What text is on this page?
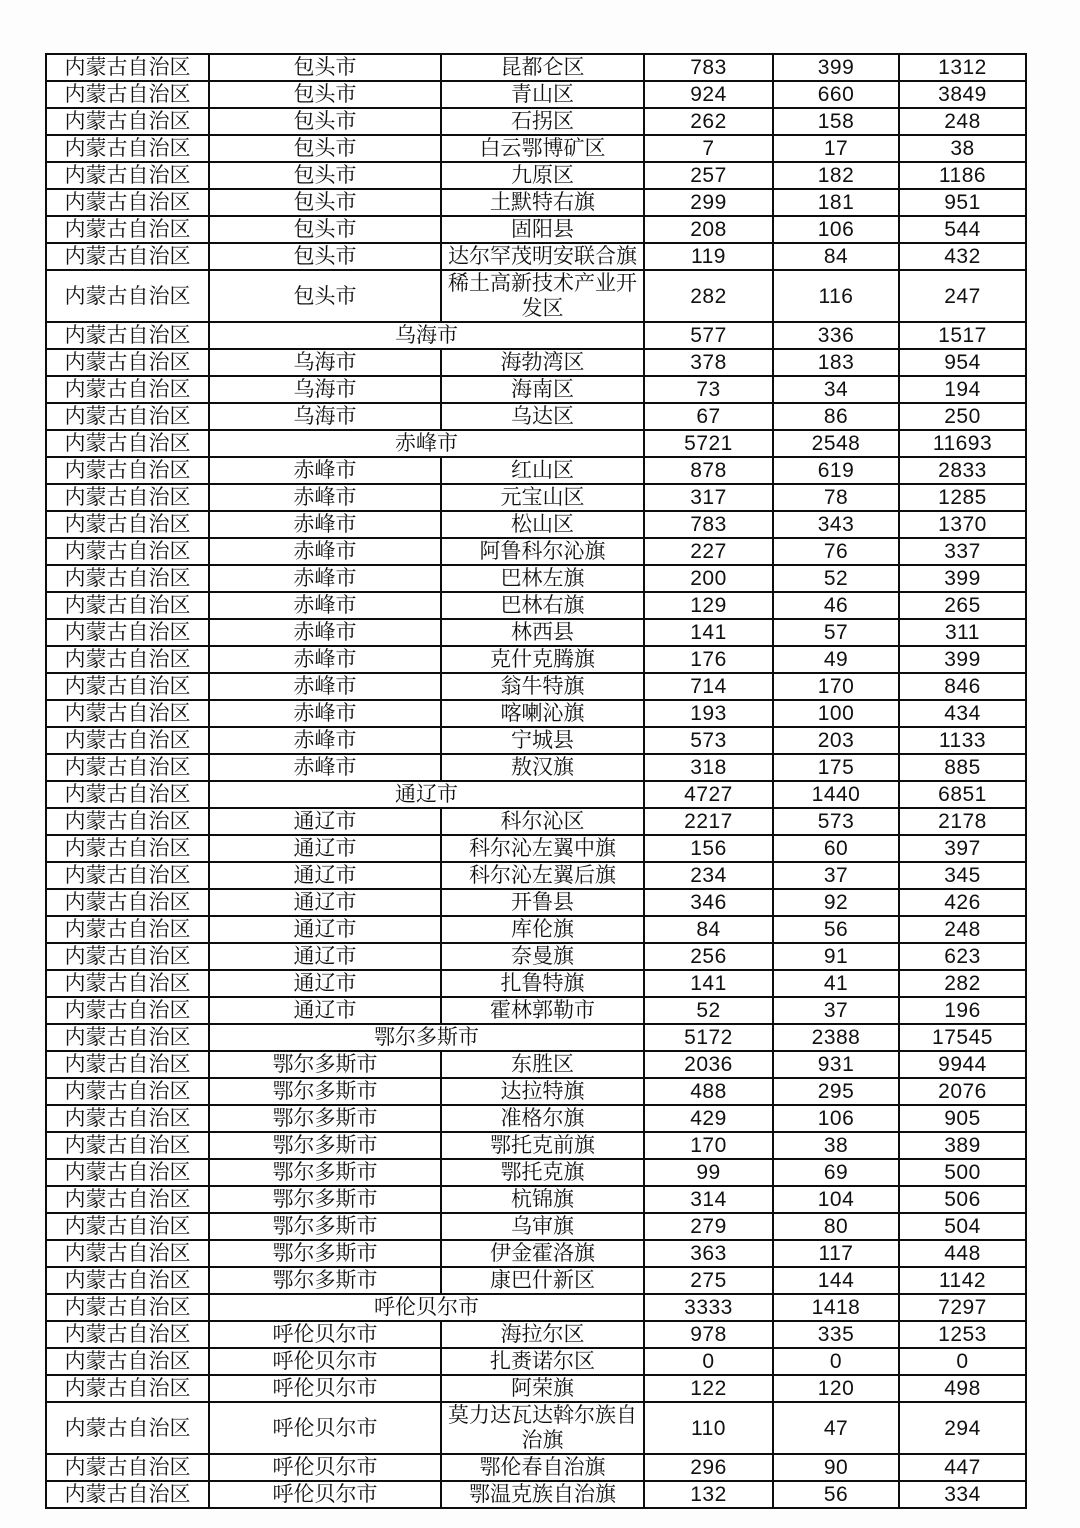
内蒙古自治区	包头市	昆都仑区	783	399	1312
内蒙古自治区	包头市	青山区	924	660	3849
内蒙古自治区	包头市	石拐区	262	158	248
内蒙古自治区	包头市	白云鄂博矿区	7	17	38
内蒙古自治区	包头市	九原区	257	182	1186
内蒙古自治区	包头市	土默特右旗	299	181	951
内蒙古自治区	包头市	固阳县	208	106	544
内蒙古自治区	包头市	达尔罕茂明安联合旗	119	84	432
内蒙古自治区	包头市	稀土高新技术产业开发区	282	116	247
内蒙古自治区	乌海市		577	336	1517
内蒙古自治区	乌海市	海勃湾区	378	183	954
内蒙古自治区	乌海市	海南区	73	34	194
内蒙古自治区	乌海市	乌达区	67	86	250
内蒙古自治区	赤峰市		5721	2548	11693
内蒙古自治区	赤峰市	红山区	878	619	2833
内蒙古自治区	赤峰市	元宝山区	317	78	1285
内蒙古自治区	赤峰市	松山区	783	343	1370
内蒙古自治区	赤峰市	阿鲁科尔沁旗	227	76	337
内蒙古自治区	赤峰市	巴林左旗	200	52	399
内蒙古自治区	赤峰市	巴林右旗	129	46	265
内蒙古自治区	赤峰市	林西县	141	57	311
内蒙古自治区	赤峰市	克什克腾旗	176	49	399
内蒙古自治区	赤峰市	翁牛特旗	714	170	846
内蒙古自治区	赤峰市	喀喇沁旗	193	100	434
内蒙古自治区	赤峰市	宁城县	573	203	1133
内蒙古自治区	赤峰市	敖汉旗	318	175	885
内蒙古自治区	通辽市		4727	1440	6851
内蒙古自治区	通辽市	科尔沁区	2217	573	2178
内蒙古自治区	通辽市	科尔沁左翼中旗	156	60	397
内蒙古自治区	通辽市	科尔沁左翼后旗	234	37	345
内蒙古自治区	通辽市	开鲁县	346	92	426
内蒙古自治区	通辽市	库伦旗	84	56	248
内蒙古自治区	通辽市	奈曼旗	256	91	623
内蒙古自治区	通辽市	扎鲁特旗	141	41	282
内蒙古自治区	通辽市	霍林郭勒市	52	37	196
内蒙古自治区	鄂尔多斯市		5172	2388	17545
内蒙古自治区	鄂尔多斯市	东胜区	2036	931	9944
内蒙古自治区	鄂尔多斯市	达拉特旗	488	295	2076
内蒙古自治区	鄂尔多斯市	准格尔旗	429	106	905
内蒙古自治区	鄂尔多斯市	鄂托克前旗	170	38	389
内蒙古自治区	鄂尔多斯市	鄂托克旗	99	69	500
内蒙古自治区	鄂尔多斯市	杭锦旗	314	104	506
内蒙古自治区	鄂尔多斯市	乌审旗	279	80	504
内蒙古自治区	鄂尔多斯市	伊金霍洛旗	363	117	448
内蒙古自治区	鄂尔多斯市	康巴什新区	275	144	1142
内蒙古自治区	呼伦贝尔市		3333	1418	7297
内蒙古自治区	呼伦贝尔市	海拉尔区	978	335	1253
内蒙古自治区	呼伦贝尔市	扎赉诺尔区	0	0	0
内蒙古自治区	呼伦贝尔市	阿荣旗	122	120	498
内蒙古自治区	呼伦贝尔市	莫力达瓦达斡尔族自治旗	110	47	294
内蒙古自治区	呼伦贝尔市	鄂伦春自治旗	296	90	447
内蒙古自治区	呼伦贝尔市	鄂温克族自治旗	132	56	334
